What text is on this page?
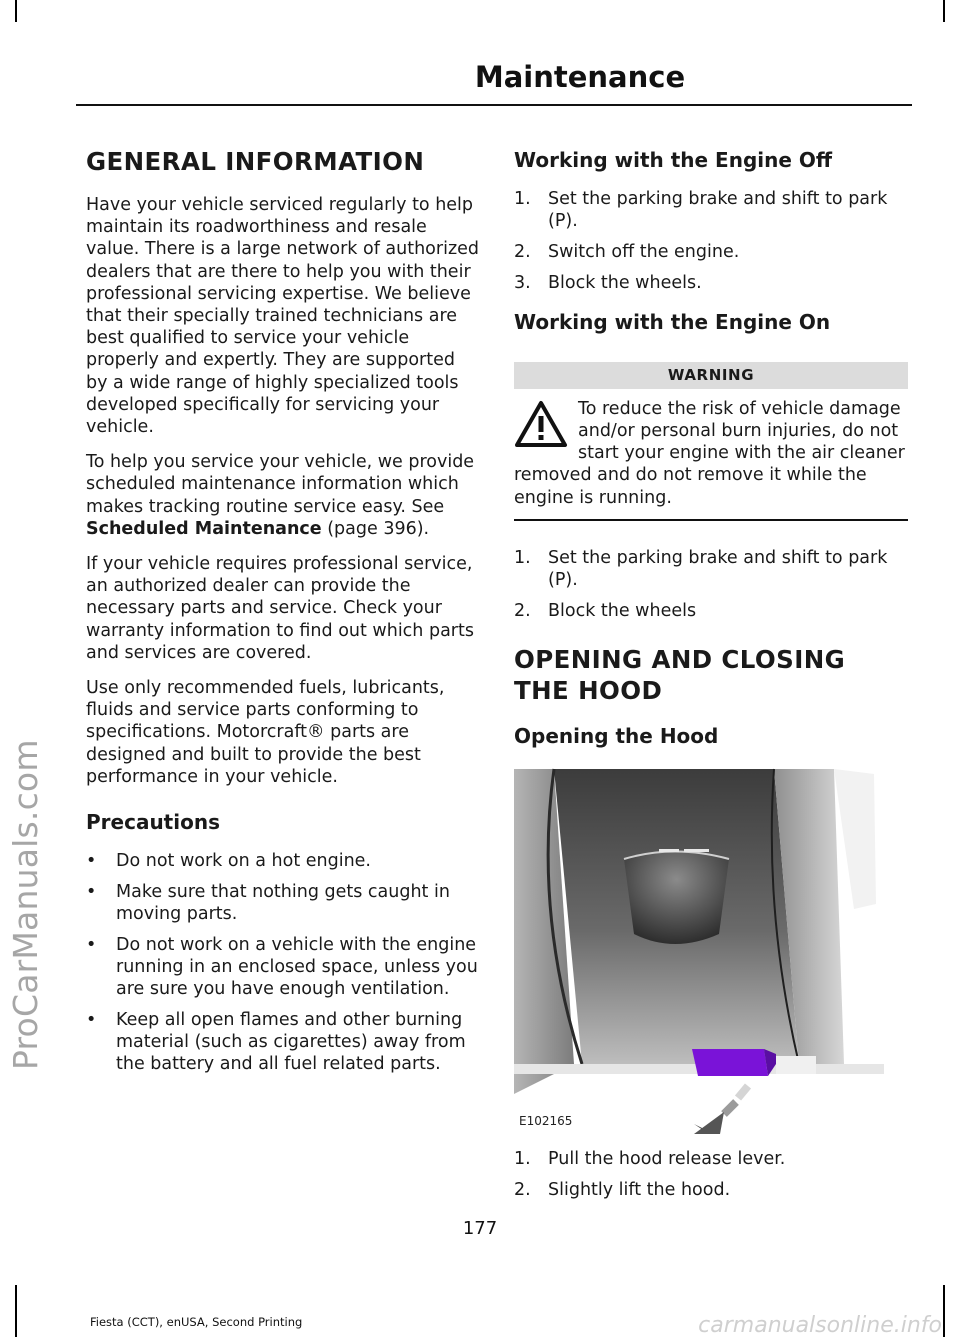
ProCarManuals.com
Maintenance
GENERAL INFORMATION

Have your vehicle serviced regularly to help maintain its roadworthiness and resale value. There is a large network of authorized dealers that are there to help you with their professional servicing expertise. We believe that their specially trained technicians are best qualified to service your vehicle properly and expertly. They are supported by a wide range of highly specialized tools developed specifically for servicing your vehicle.

To help you service your vehicle, we provide scheduled maintenance information which makes tracking routine service easy. See Scheduled Maintenance (page 396).

If your vehicle requires professional service, an authorized dealer can provide the necessary parts and service. Check your warranty information to find out which parts and services are covered.

Use only recommended fuels, lubricants, fluids and service parts conforming to specifications. Motorcraft® parts are designed and built to provide the best performance in your vehicle.

Precautions
•	Do not work on a hot engine.
•	Make sure that nothing gets caught in moving parts.
•	Do not work on a vehicle with the engine running in an enclosed space, unless you are sure you have enough ventilation.
•	Keep all open flames and other burning material (such as cigarettes) away from the battery and all fuel related parts.
Working with the Engine Off
1. Set the parking brake and shift to park (P).
2. Switch off the engine.
3. Block the wheels.
Working with the Engine On
WARNING
To reduce the risk of vehicle damage and/or personal burn injuries, do not start your engine with the air cleaner removed and do not remove it while the engine is running.
1. Set the parking brake and shift to park (P).
2. Block the wheels
OPENING AND CLOSING THE HOOD
Opening the Hood
E102165
1. Pull the hood release lever.
2. Slightly lift the hood.
177
Fiesta (CCT), enUSA, Second Printing	carmanualsonline.info
